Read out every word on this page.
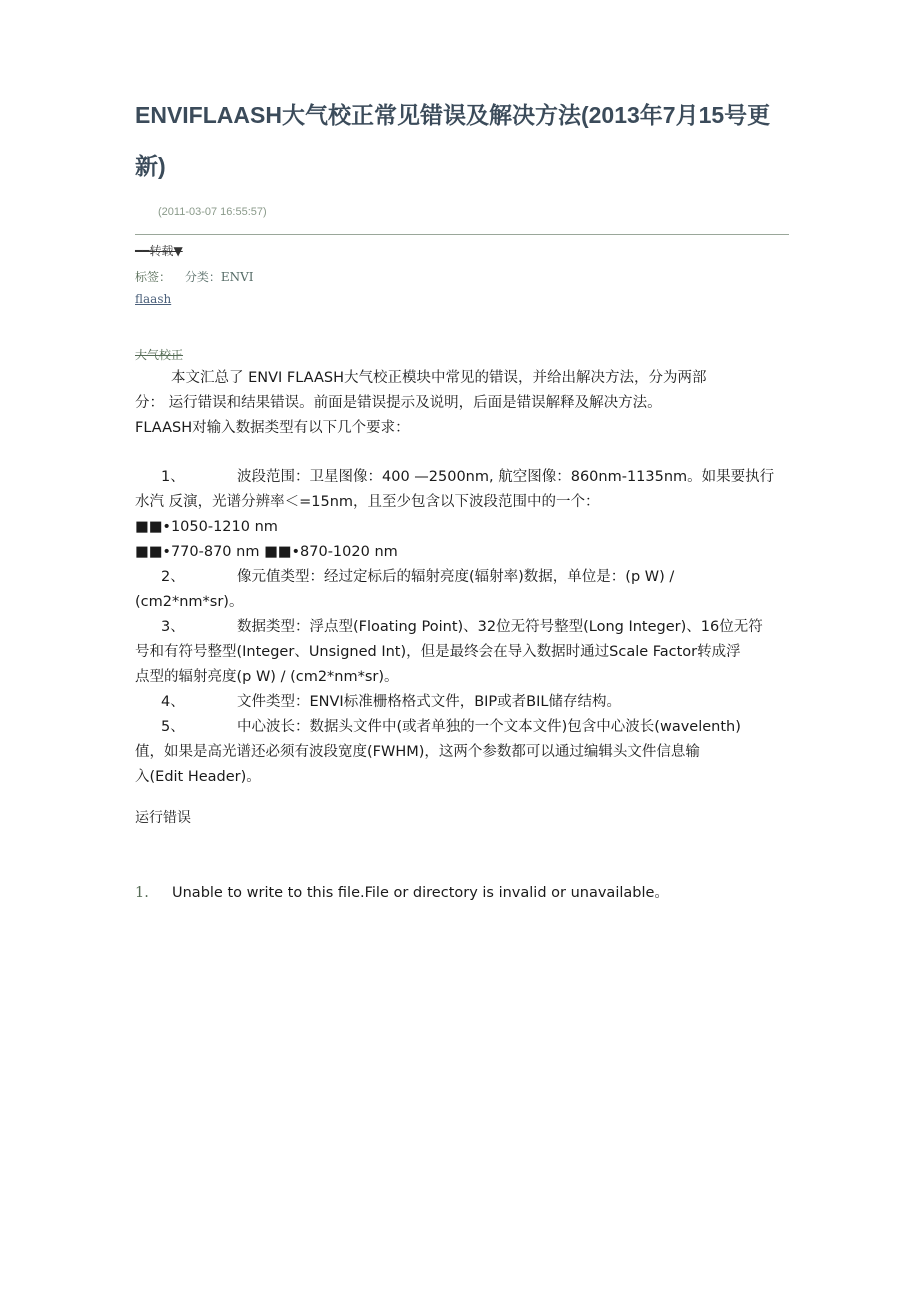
ENVIFLAASH大气校正常见错误及解决方法(2013年7月15号更
新)
(2011-03-07 16:55:57)
━━转载▼
标签： 分类：ENVI
flaash
大气校正

本文汇总了 ENVI FLAASH大气校正模块中常见的错误，并给出解决方法，分为两部

分： 运行错误和结果错误。前面是错误提示及说明，后面是错误解释及解决方法。

FLAASH对输入数据类型有以下几个要求：

1、	波段范围：卫星图像：400 —2500nm, 航空图像：860nm-1135nm。如果要执行

水汽 反演，光谱分辨率＜=15nm，且至少包含以下波段范围中的一个：

■■•1050-1210 nm

■■•770-870 nm ■■•870-1020 nm

2、	像元值类型：经过定标后的辐射亮度(辐射率)数据，单位是：(p W) /

(cm2*nm*sr)。

3、	数据类型：浮点型(Floating Point)、32位无符号整型(Long Integer)、16位无符

号和有符号整型(Integer、Unsigned Int)，但是最终会在导入数据时通过Scale Factor转成浮

点型的辐射亮度(p W) / (cm2*nm*sr)。

4、	文件类型：ENVI标准栅格格式文件，BIP或者BIL储存结构。

5、	中心波长：数据头文件中(或者单独的一个文本文件)包含中心波长(wavelenth)

值，如果是高光谱还必须有波段宽度(FWHM)，这两个参数都可以通过编辑头文件信息输

入(Edit Header)。

运行错误
1. Unable to write to this file.File or directory is invalid or unavailable。
